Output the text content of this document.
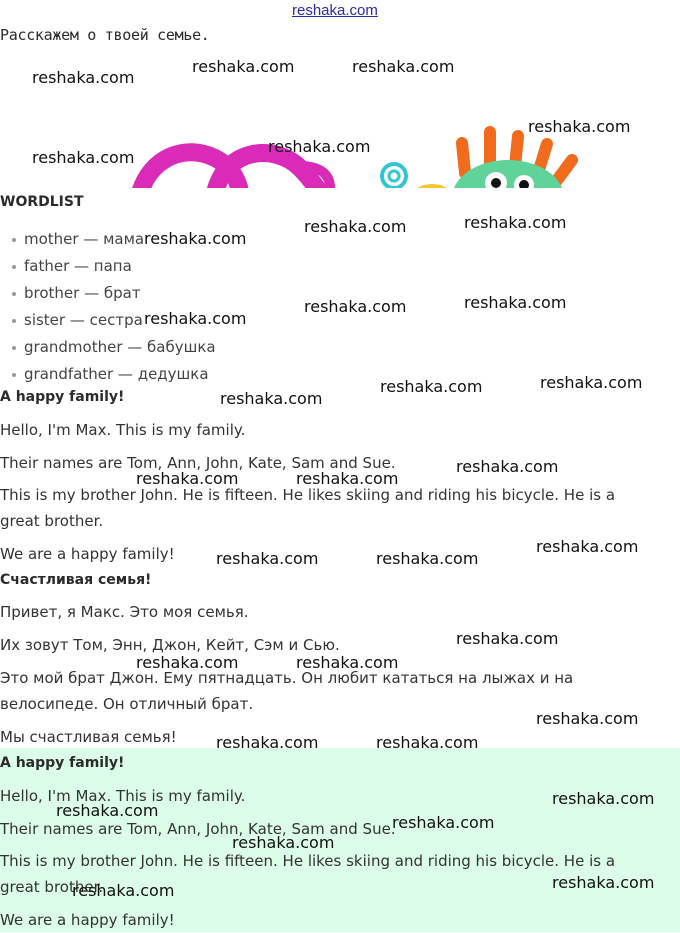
reshaka.com
Расскажем о твоей семье.
WORDLIST
mother — мама
father — папа
brother — брат
sister — сестра
grandmother — бабушка
grandfather — дедушка
A happy family!
Hello, I'm Max. This is my family.
Their names are Tom, Ann, John, Kate, Sam and Sue.
This is my brother John. He is fifteen. He likes skiing and riding his bicycle. He is a great brother.
We are a happy family!
Счастливая семья!
Привет, я Макс. Это моя семья.
Их зовут Том, Энн, Джон, Кейт, Сэм и Сью.
Это мой брат Джон. Ему пятнадцать. Он любит кататься на лыжах и на велосипеде. Он отличный брат.
Мы счастливая семья!
A happy family!
Hello, I'm Max. This is my family.
Their names are Tom, Ann, John, Kate, Sam and Sue.
This is my brother John. He is fifteen. He likes skiing and riding his bicycle. He is a great brother.
We are a happy family!
reshaka.com
reshaka.com	reshaka.com
reshaka.com
reshaka.com
reshaka.com
reshaka.com	reshaka.com
reshaka.com
reshaka.com	reshaka.com
reshaka.com
reshaka.com	reshaka.com
reshaka.com
reshaka.com
reshaka.com	reshaka.com
reshaka.com
reshaka.com	reshaka.com
reshaka.com
reshaka.com	reshaka.com
reshaka.com
reshaka.com	reshaka.com
reshaka.com
reshaka.com
reshaka.com
reshaka.com
reshaka.com
reshaka.com
